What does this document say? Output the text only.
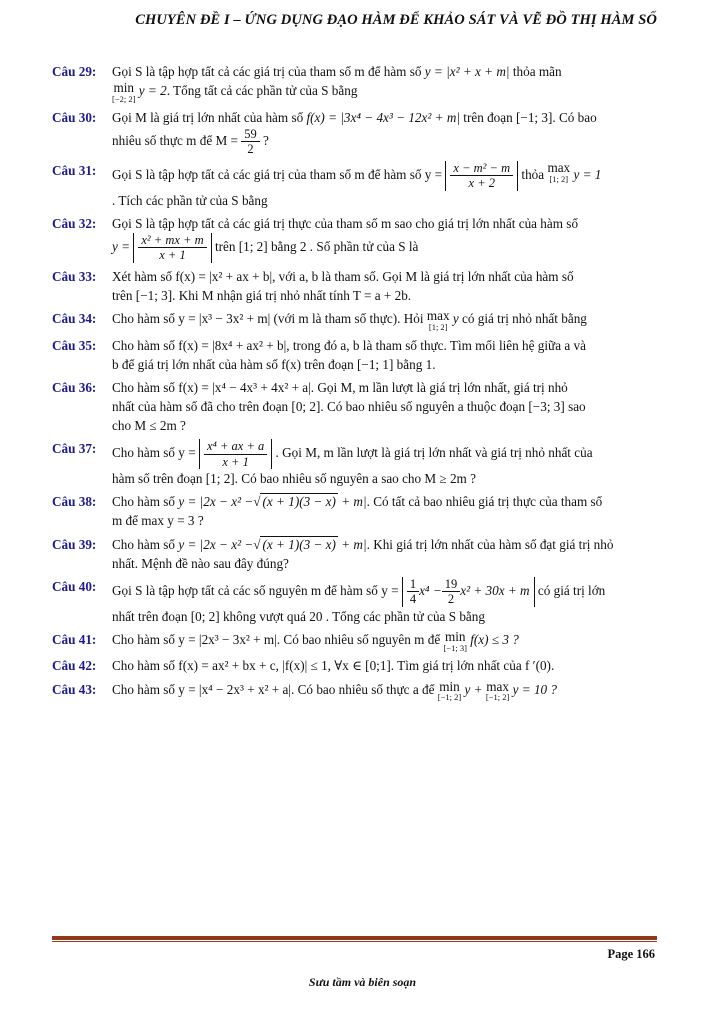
CHUYÊN ĐỀ I – ỨNG DỤNG ĐẠO HÀM ĐỂ KHẢO SÁT VÀ VẼ ĐỒ THỊ HÀM SỐ
Câu 29: Gọi S là tập hợp tất cả các giá trị của tham số m để hàm số y = |x² + x + m| thỏa mãn
min
[−2; 2]
y = 2. Tổng tất cả các phần tử của S bằng
Câu 30: Gọi M là giá trị lớn nhất của hàm số f(x) = |3x⁴ − 4x³ − 12x² + m| trên đoạn [−1; 3]. Có bao
nhiêu số thực m để $M = \frac{59}{2}$ ?
Câu 31: Gọi S là tập hợp tất cả các giá trị của tham số m để hàm số $y = \frac{\text{x − m² − m}}{x + 2}$ thỏa max
[1; 2] y = 1
. Tích các phần tử của S bằng
Câu 32: Gọi S là tập hợp tất cả các giá trị thực của tham số m sao cho giá trị lớn nhất của hàm số
$y = \frac{\text{x² + mx + m}}{x + 1}$ trên [1; 2] bằng 2 . Số phần tử của S là
Câu 33: Xét hàm số f(x) = |x² + ax + b|, với a, b là tham số. Gọi M là giá trị lớn nhất của hàm số
trên [−1; 3]. Khi M nhận giá trị nhỏ nhất tính T = a + 2b.
Câu 34: Cho hàm số y = |x³ − 3x² + m| (với m là tham số thực). Hỏi max
[1; 2]
y có giá trị nhỏ nhất bằng
Câu 35: Cho hàm số f(x) = |8x⁴ + ax² + b|, trong đó a, b là tham số thực. Tìm mối liên hệ giữa a và
b để giá trị lớn nhất của hàm số f(x) trên đoạn [−1; 1] bằng 1.
Câu 36: Cho hàm số f(x) = |x⁴ − 4x³ + 4x² + a|. Gọi M, m lần lượt là giá trị lớn nhất, giá trị nhỏ
nhất của hàm số đã cho trên đoạn [0; 2]. Có bao nhiêu số nguyên a thuộc đoạn [−3; 3] sao
cho M ≤ 2m ?
Câu 37: Cho hàm số $y = \frac{\text{x⁴ + ax + a}}{x + 1}$ . Gọi M, m lần lượt là giá trị lớn nhất và giá trị nhỏ nhất của
hàm số trên đoạn [1; 2]. Có bao nhiêu số nguyên a sao cho M ≥ 2m ?
Câu 38: Cho hàm số y = |2x − x² −√ (x + 1)(3 − x) + m|. Có tất cả bao nhiêu giá trị thực của tham số
m để max y = 3 ?
Câu 39: Cho hàm số y = |2x − x² −√ (x + 1)(3 − x) + m|. Khi giá trị lớn nhất của hàm số đạt giá trị nhỏ
nhất. Mệnh đề nào sau đây đúng?
Câu 40: Gọi S là tập hợp tất cả các số nguyên m để hàm số $y = \frac{1}{4} x^4 - \frac{19}{2} x^2 + 30x + m$ có giá trị lớn
nhất trên đoạn [0; 2] không vượt quá 20 . Tổng các phần tử của S bằng
Câu 41: Cho hàm số y = |2x³ − 3x² + m|. Có bao nhiêu số nguyên m để min
[−1; 3]
f(x) ≤ 3 ?
Câu 42: Cho hàm số f(x) = ax² + bx + c, |f(x)| ≤ 1, ∀x ∈ [0;1]. Tìm giá trị lớn nhất của f ′(0).
Câu 43: Cho hàm số y = |x⁴ − 2x³ + x² + a|. Có bao nhiêu số thực a để min
[−1; 2]
y + max
[−1; 2]
y = 10 ?
Page 166
Sưu tầm và biên soạn
